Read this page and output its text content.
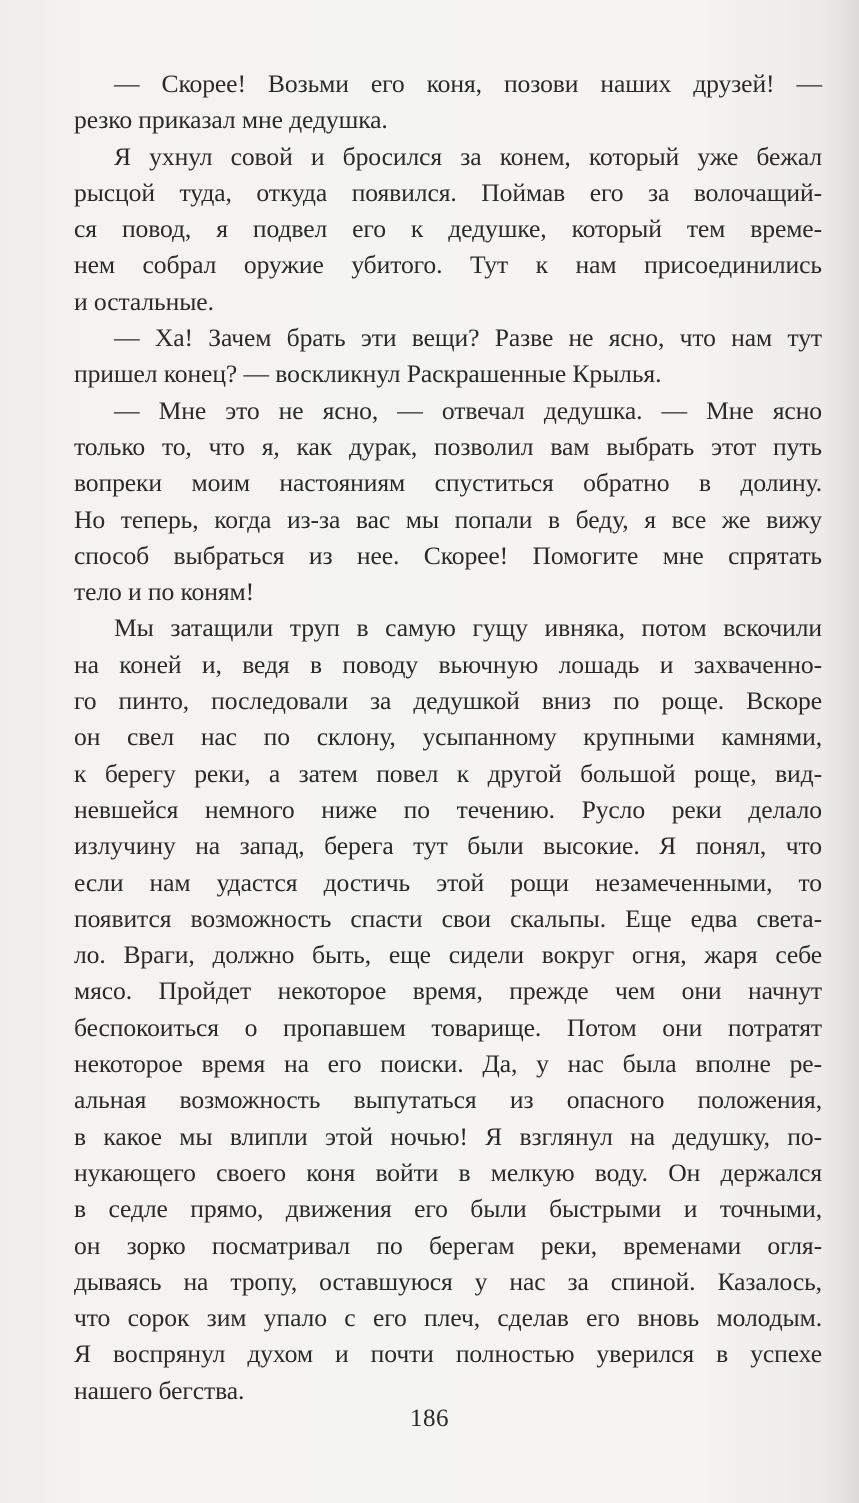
— Скорее! Возьми его коня, позови наших друзей! —
резко приказал мне дедушка.

Я ухнул совой и бросился за конем, который уже бежал
рысцой туда, откуда появился. Поймав его за волочащий-
ся повод, я подвел его к дедушке, который тем време-
нем собрал оружие убитого. Тут к нам присоединились
и остальные.

— Ха! Зачем брать эти вещи? Разве не ясно, что нам тут
пришел конец? — воскликнул Раскрашенные Крылья.

— Мне это не ясно, — отвечал дедушка. — Мне ясно
только то, что я, как дурак, позволил вам выбрать этот путь
вопреки моим настояниям спуститься обратно в долину.
Но теперь, когда из-за вас мы попали в беду, я все же вижу
способ выбраться из нее. Скорее! Помогите мне спрятать
тело и по коням!

Мы затащили труп в самую гущу ивняка, потом вскочили
на коней и, ведя в поводу вьючную лошадь и захваченно-
го пинто, последовали за дедушкой вниз по роще. Вскоре
он свел нас по склону, усыпанному крупными камнями,
к берегу реки, а затем повел к другой большой роще, вид-
невшейся немного ниже по течению. Русло реки делало
излучину на запад, берега тут были высокие. Я понял, что
если нам удастся достичь этой рощи незамеченными, то
появится возможность спасти свои скальпы. Еще едва света-
ло. Враги, должно быть, еще сидели вокруг огня, жаря себе
мясо. Пройдет некоторое время, прежде чем они начнут
беспокоиться о пропавшем товарище. Потом они потратят
некоторое время на его поиски. Да, у нас была вполне ре-
альная возможность выпутаться из опасного положения,
в какое мы влипли этой ночью! Я взглянул на дедушку, по-
нукающего своего коня войти в мелкую воду. Он держался
в седле прямо, движения его были быстрыми и точными,
он зорко посматривал по берегам реки, временами огля-
дываясь на тропу, оставшуюся у нас за спиной. Казалось,
что сорок зим упало с его плеч, сделав его вновь молодым.
Я воспрянул духом и почти полностью уверился в успехе
нашего бегства.

186
